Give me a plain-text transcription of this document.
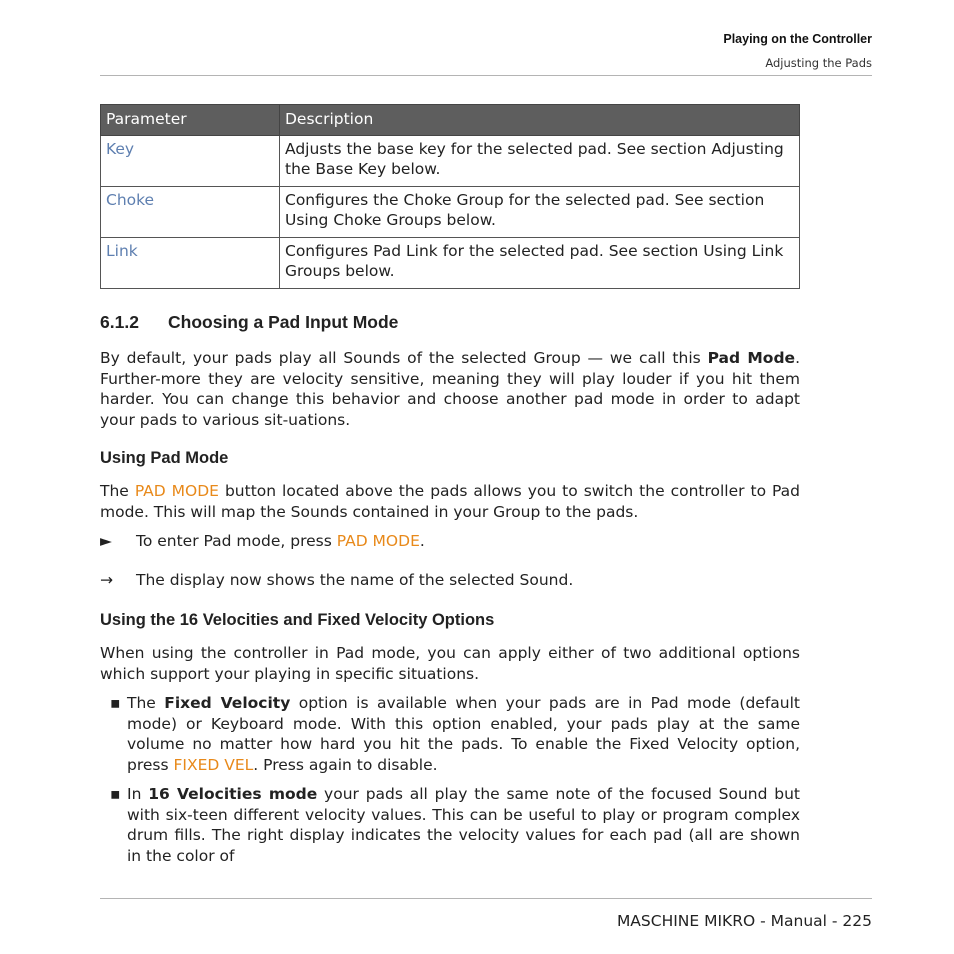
Playing on the Controller
Adjusting the Pads
Parameter	Description
Key	Adjusts the base key for the selected pad. See section Adjusting the Base Key below.
Choke	Configures the Choke Group for the selected pad. See section Using Choke Groups below.
Link	Configures Pad Link for the selected pad. See section Using Link Groups below.
6.1.2	Choosing a Pad Input Mode

By default, your pads play all Sounds of the selected Group — we call this Pad Mode. Further-more they are velocity sensitive, meaning they will play louder if you hit them harder. You can change this behavior and choose another pad mode in order to adapt your pads to various sit-uations.

Using Pad Mode

The PAD MODE button located above the pads allows you to switch the controller to Pad mode. This will map the Sounds contained in your Group to the pads.

►	To enter Pad mode, press PAD MODE.
→	The display now shows the name of the selected Sound.
Using the 16 Velocities and Fixed Velocity Options

When using the controller in Pad mode, you can apply either of two additional options which support your playing in specific situations.

▪ The Fixed Velocity option is available when your pads are in Pad mode (default mode) or Keyboard mode. With this option enabled, your pads play at the same volume no matter how hard you hit the pads. To enable the Fixed Velocity option, press FIXED VEL. Press again to disable.
▪ In 16 Velocities mode your pads all play the same note of the focused Sound but with six-teen different velocity values. This can be useful to play or program complex drum fills. The right display indicates the velocity values for each pad (all are shown in the color of
MASCHINE MIKRO - Manual - 225
